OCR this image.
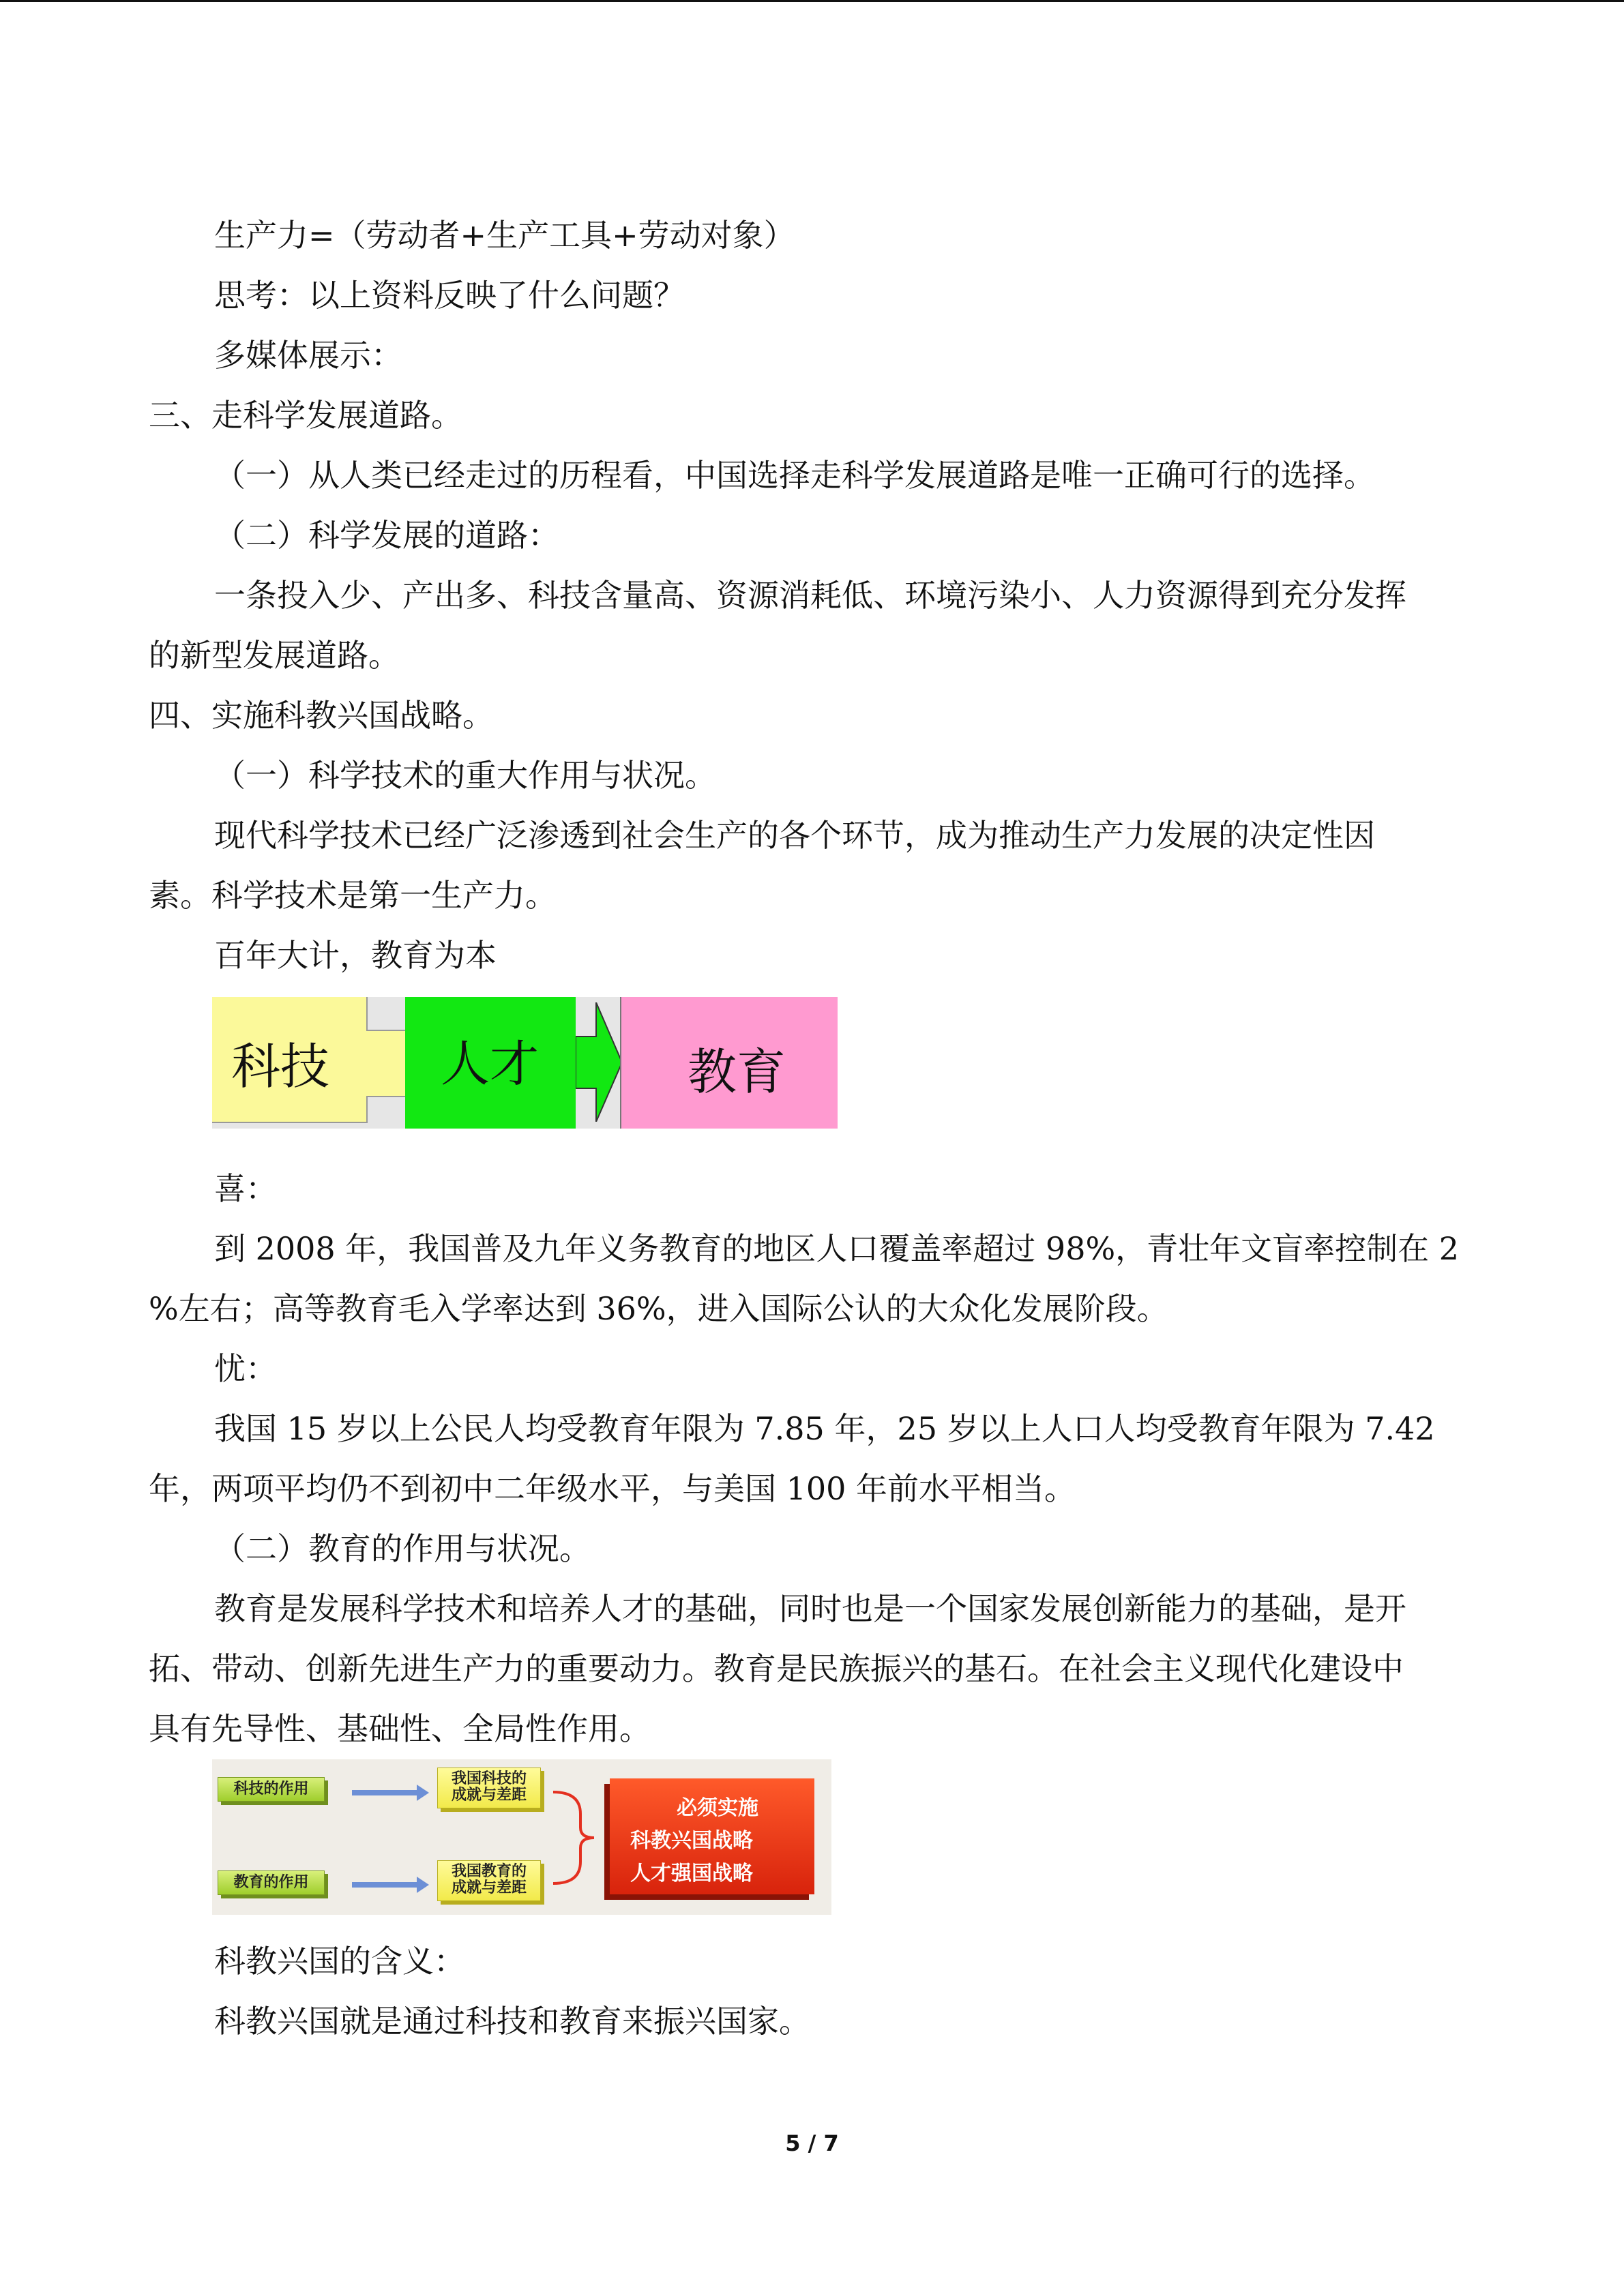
生产力=（劳动者+生产工具+劳动对象）
思考：以上资料反映了什么问题？
多媒体展示：
三、走科学发展道路。
（一）从人类已经走过的历程看，中国选择走科学发展道路是唯一正确可行的选择。
（二）科学发展的道路：
一条投入少、产出多、科技含量高、资源消耗低、环境污染小、人力资源得到充分发挥
的新型发展道路。
四、实施科教兴国战略。
（一）科学技术的重大作用与状况。
现代科学技术已经广泛渗透到社会生产的各个环节，成为推动生产力发展的决定性因
素。科学技术是第一生产力。
百年大计，教育为本
科技 人才	教育
喜：
到 2008 年，我国普及九年义务教育的地区人口覆盖率超过 98%，青壮年文盲率控制在 2
%左右；高等教育毛入学率达到 36%，进入国际公认的大众化发展阶段。
忧：
我国 15 岁以上公民人均受教育年限为 7.85 年，25 岁以上人口人均受教育年限为 7.42
年，两项平均仍不到初中二年级水平，与美国 100 年前水平相当。
（二）教育的作用与状况。
教育是发展科学技术和培养人才的基础，同时也是一个国家发展创新能力的基础，是开
拓、带动、创新先进生产力的重要动力。教育是民族振兴的基石。在社会主义现代化建设中
具有先导性、基础性、全局性作用。
科技的作用
教育的作用
我国科技的
成就与差距
我国教育的
成就与差距
必须实施
科教兴国战略
人才强国战略
科教兴国的含义：
科教兴国就是通过科技和教育来振兴国家。
5 / 7
